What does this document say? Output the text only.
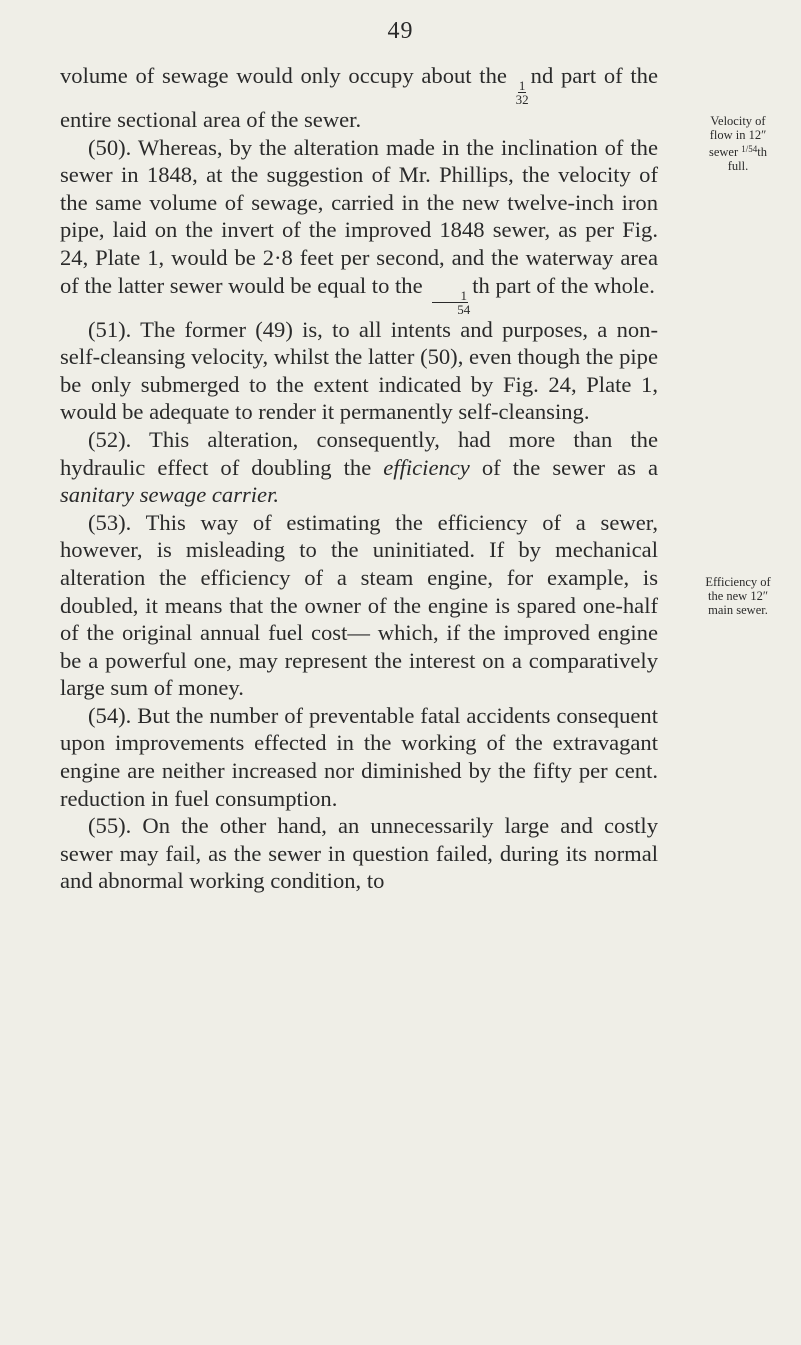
49

volume of sewage would only occupy about the
$\frac{1}{32}$
nd part of the entire sectional area of the sewer.

(50). Whereas, by the alteration made in the inclination of the sewer in 1848, at the suggestion of Mr. Phillips, the velocity of the same volume of sewage, carried in the new twelve-inch iron pipe, laid on the invert of the improved 1848 sewer, as per Fig. 24, Plate 1, would be 2·8 feet per second, and the waterway area of the latter sewer would be equal to the
$\frac{1}{54}$
th part of the whole.

(51). The former (49) is, to all intents and purposes, a non-self-cleansing velocity, whilst the latter (50), even though the pipe be only submerged to the extent indicated by Fig. 24, Plate 1, would be adequate to render it permanently self-cleansing.

(52). This alteration, consequently, had more than the hydraulic effect of doubling the efficiency of the sewer as a sanitary sewage carrier.

(53). This way of estimating the efficiency of a sewer, however, is misleading to the uninitiated. If by mechanical alteration the efficiency of a steam engine, for example, is doubled, it means that the owner of the engine is spared one-half of the original annual fuel cost— which, if the improved engine be a powerful one, may represent the interest on a comparatively large sum of money.

(54). But the number of preventable fatal accidents consequent upon improvements effected in the working of the extravagant engine are neither increased nor diminished by the fifty per cent. reduction in fuel consumption.

(55). On the other hand, an unnecessarily large and costly sewer may fail, as the sewer in question failed, during its normal and abnormal working condition, to

Velocity of
flow in 12″
sewer $^{1/54}$th
full.
Efficiency of
the new 12″
main sewer.
